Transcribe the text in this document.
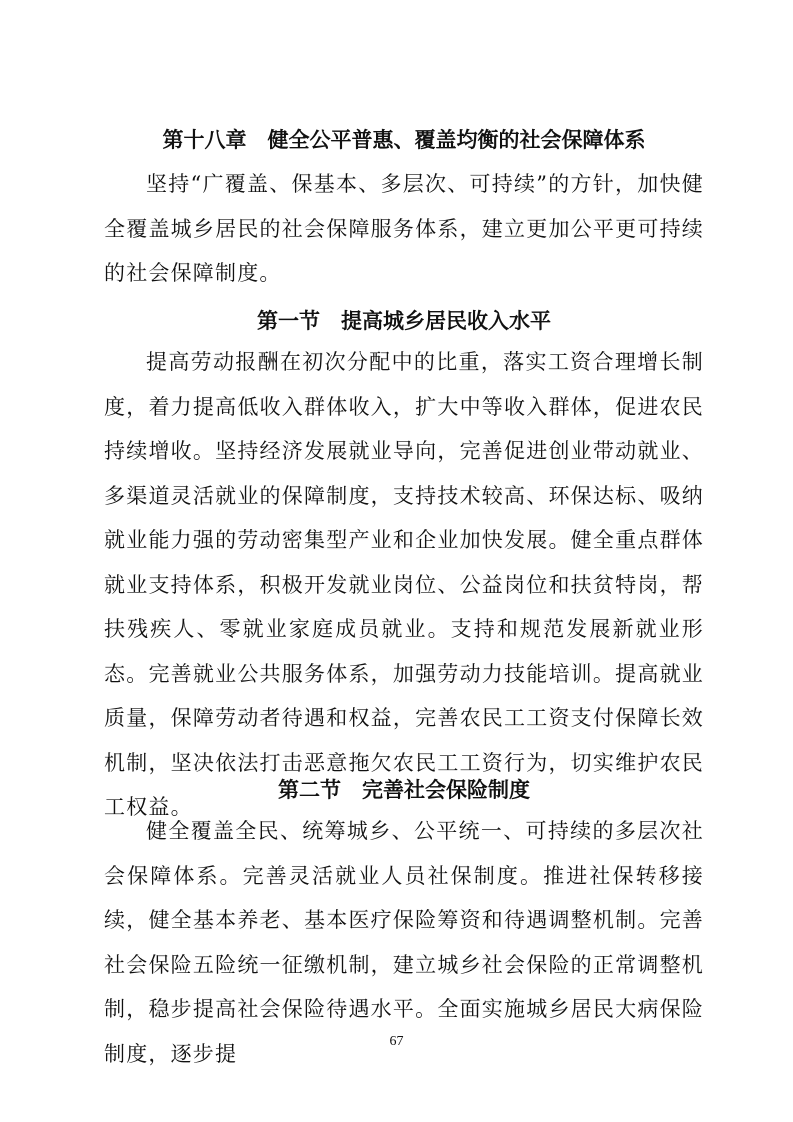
第十八章　健全公平普惠、覆盖均衡的社会保障体系

坚持“广覆盖、保基本、多层次、可持续”的方针，加快健全覆盖城乡居民的社会保障服务体系，建立更加公平更可持续的社会保障制度。

第一节　提高城乡居民收入水平

提高劳动报酬在初次分配中的比重，落实工资合理增长制度，着力提高低收入群体收入，扩大中等收入群体，促进农民持续增收。坚持经济发展就业导向，完善促进创业带动就业、多渠道灵活就业的保障制度，支持技术较高、环保达标、吸纳就业能力强的劳动密集型产业和企业加快发展。健全重点群体就业支持体系，积极开发就业岗位、公益岗位和扶贫特岗，帮扶残疾人、零就业家庭成员就业。支持和规范发展新就业形态。完善就业公共服务体系，加强劳动力技能培训。提高就业质量，保障劳动者待遇和权益，完善农民工工资支付保障长效机制，坚决依法打击恶意拖欠农民工工资行为，切实维护农民工权益。

第二节　完善社会保险制度

健全覆盖全民、统筹城乡、公平统一、可持续的多层次社会保障体系。完善灵活就业人员社保制度。推进社保转移接续，健全基本养老、基本医疗保险筹资和待遇调整机制。完善社会保险五险统一征缴机制，建立城乡社会保险的正常调整机制，稳步提高社会保险待遇水平。全面实施城乡居民大病保险制度，逐步提	67
